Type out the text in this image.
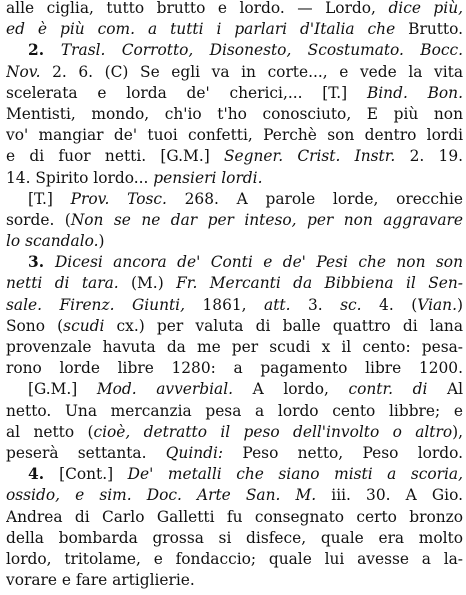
alle ciglia, tutto brutto e lordo. — Lordo, dice più,
ed è più com. a tutti i parlari d'Italia che Brutto.
2. Trasl. Corrotto, Disonesto, Scostumato. Bocc.
Nov. 2. 6. (C) Se egli va in corte..., e vede la vita
scelerata e lorda de' cherici,... [T.] Bind. Bon.
Mentisti, mondo, ch'io t'ho conosciuto, E più non
vo' mangiar de' tuoi confetti, Perchè son dentro lordi
e di fuor netti. [G.M.] Segner. Crist. Instr. 2. 19.
14. Spirito lordo... pensieri lordi.
[T.] Prov. Tosc. 268. A parole lorde, orecchie
sorde. (Non se ne dar per inteso, per non aggravare
lo scandalo.)
3. Dicesi ancora de' Conti e de' Pesi che non son
netti di tara. (M.) Fr. Mercanti da Bibbiena il Sen-
sale. Firenz. Giunti, 1861, att. 3. sc. 4. (Vian.)
Sono (scudi cx.) per valuta di balle quattro di lana
provenzale havuta da me per scudi x il cento: pesa-
rono lorde libre 1280: a pagamento libre 1200.
[G.M.] Mod. avverbial. A lordo, contr. di Al
netto. Una mercanzia pesa a lordo cento libbre; e
al netto (cioè, detratto il peso dell'involto o altro),
peserà settanta. Quindi: Peso netto, Peso lordo.
4. [Cont.] De' metalli che siano misti a scoria,
ossido, e sim. Doc. Arte San. M. iii. 30. A Gio.
Andrea di Carlo Galletti fu consegnato certo bronzo
della bombarda grossa si disfece, quale era molto
lordo, tritolame, e fondaccio; quale lui avesse a la-
vorare e fare artiglierie.
